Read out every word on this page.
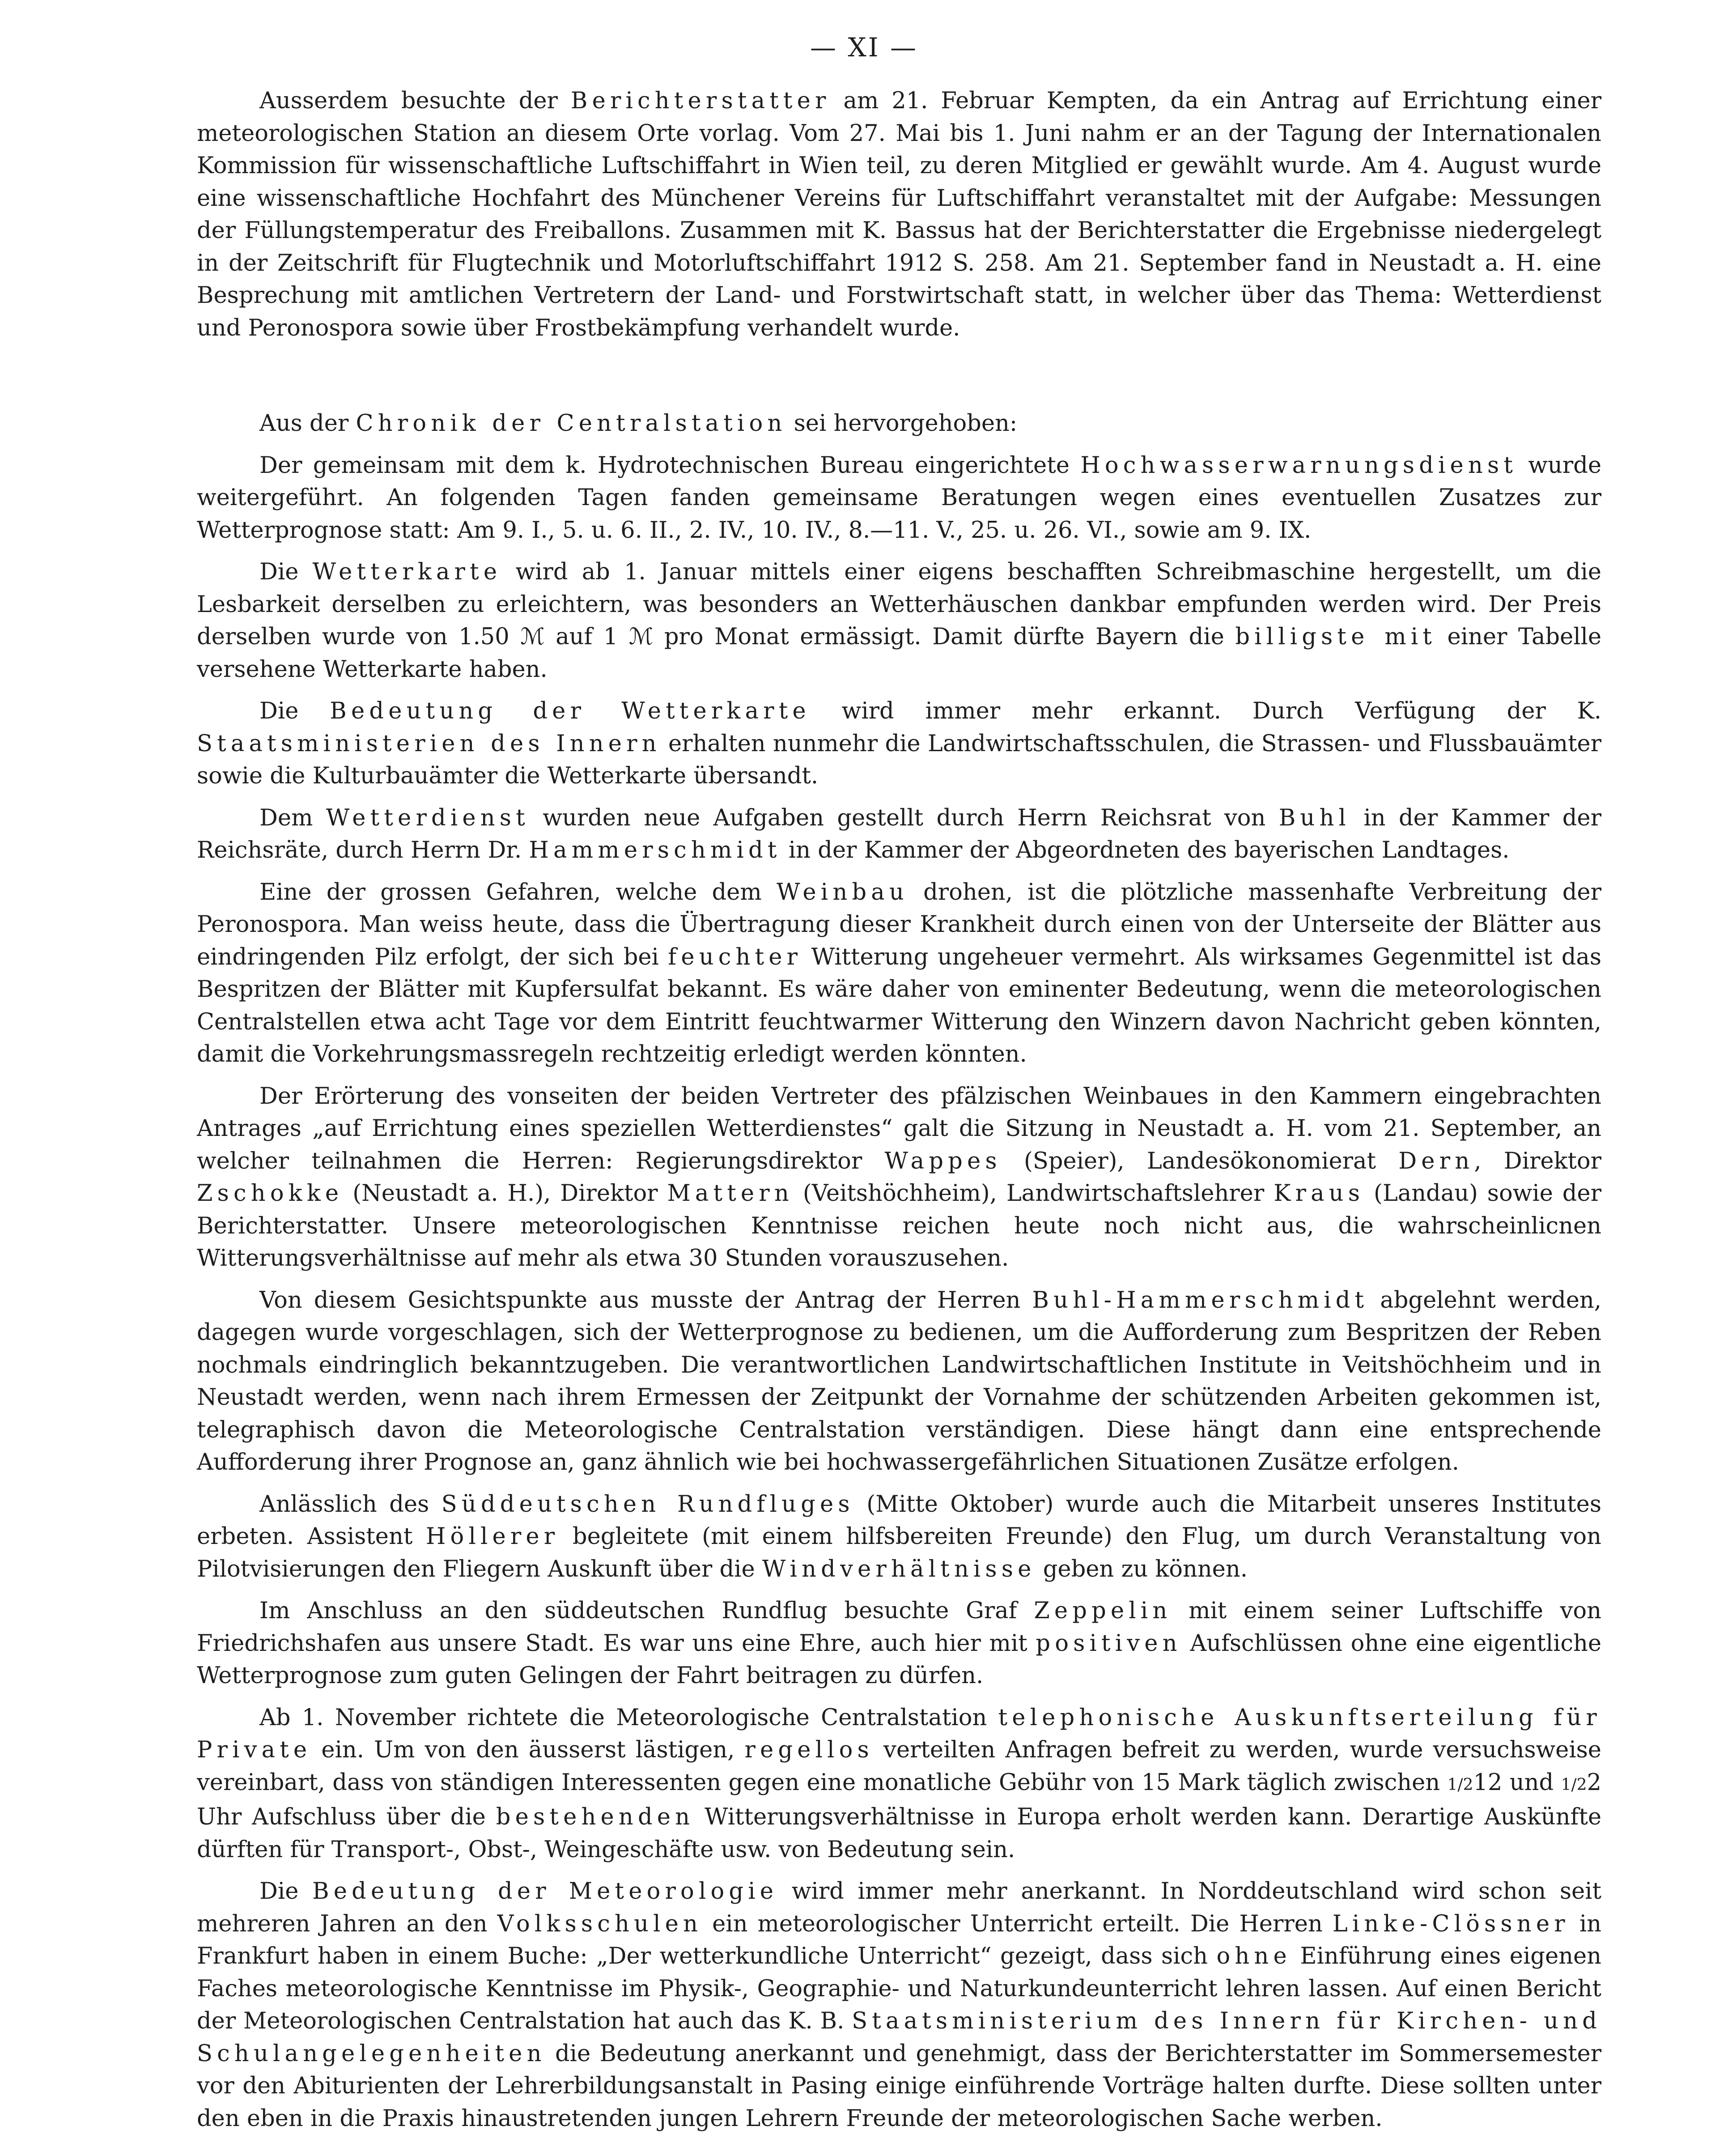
— XI —

Ausserdem besuchte der Berichterstatter am 21. Februar Kempten, da ein Antrag auf Errichtung einer meteorologischen Station an diesem Orte vorlag. Vom 27. Mai bis 1. Juni nahm er an der Tagung der Internationalen Kommission für wissenschaftliche Luftschiffahrt in Wien teil, zu deren Mitglied er gewählt wurde. Am 4. August wurde eine wissenschaftliche Hochfahrt des Münchener Vereins für Luftschiffahrt veranstaltet mit der Aufgabe: Messungen der Füllungstemperatur des Freiballons. Zusammen mit K. Bassus hat der Berichterstatter die Ergebnisse niedergelegt in der Zeitschrift für Flugtechnik und Motorluftschiffahrt 1912 S. 258. Am 21. September fand in Neustadt a. H. eine Besprechung mit amtlichen Vertretern der Land- und Forstwirtschaft statt, in welcher über das Thema: Wetterdienst und Peronospora sowie über Frostbekämpfung verhandelt wurde.

Aus der Chronik der Centralstation sei hervorgehoben:

Der gemeinsam mit dem k. Hydrotechnischen Bureau eingerichtete Hochwasserwarnungsdienst wurde weitergeführt. An folgenden Tagen fanden gemeinsame Beratungen wegen eines eventuellen Zusatzes zur Wetterprognose statt: Am 9. I., 5. u. 6. II., 2. IV., 10. IV., 8.—11. V., 25. u. 26. VI., sowie am 9. IX.

Die Wetterkarte wird ab 1. Januar mittels einer eigens beschafften Schreibmaschine hergestellt, um die Lesbarkeit derselben zu erleichtern, was besonders an Wetterhäuschen dankbar empfunden werden wird. Der Preis derselben wurde von 1.50 ℳ auf 1 ℳ pro Monat ermässigt. Damit dürfte Bayern die billigste mit einer Tabelle versehene Wetterkarte haben.

Die Bedeutung der Wetterkarte wird immer mehr erkannt. Durch Verfügung der K. Staatsministerien des Innern erhalten nunmehr die Landwirtschaftsschulen, die Strassen- und Flussbauämter sowie die Kulturbauämter die Wetterkarte übersandt.

Dem Wetterdienst wurden neue Aufgaben gestellt durch Herrn Reichsrat von Buhl in der Kammer der Reichsräte, durch Herrn Dr. Hammerschmidt in der Kammer der Abgeordneten des bayerischen Landtages.

Eine der grossen Gefahren, welche dem Weinbau drohen, ist die plötzliche massenhafte Verbreitung der Peronospora. Man weiss heute, dass die Übertragung dieser Krankheit durch einen von der Unterseite der Blätter aus eindringenden Pilz erfolgt, der sich bei feuchter Witterung ungeheuer vermehrt. Als wirksames Gegenmittel ist das Bespritzen der Blätter mit Kupfersulfat bekannt. Es wäre daher von eminenter Bedeutung, wenn die meteorologischen Centralstellen etwa acht Tage vor dem Eintritt feuchtwarmer Witterung den Winzern davon Nachricht geben könnten, damit die Vorkehrungsmassregeln rechtzeitig erledigt werden könnten.

Der Erörterung des vonseiten der beiden Vertreter des pfälzischen Weinbaues in den Kammern eingebrachten Antrages „auf Errichtung eines speziellen Wetterdienstes“ galt die Sitzung in Neustadt a. H. vom 21. September, an welcher teilnahmen die Herren: Regierungsdirektor Wappes (Speier), Landesökonomierat Dern, Direktor Zschokke (Neustadt a. H.), Direktor Mattern (Veitshöchheim), Landwirtschaftslehrer Kraus (Landau) sowie der Berichterstatter. Unsere meteorologischen Kenntnisse reichen heute noch nicht aus, die wahrscheinlicnen Witterungsverhältnisse auf mehr als etwa 30 Stunden vorauszusehen.

Von diesem Gesichtspunkte aus musste der Antrag der Herren Buhl-Hammerschmidt abgelehnt werden, dagegen wurde vorgeschlagen, sich der Wetterprognose zu bedienen, um die Aufforderung zum Bespritzen der Reben nochmals eindringlich bekanntzugeben. Die verantwortlichen Landwirtschaftlichen Institute in Veitshöchheim und in Neustadt werden, wenn nach ihrem Ermessen der Zeitpunkt der Vornahme der schützenden Arbeiten gekommen ist, telegraphisch davon die Meteorologische Centralstation verständigen. Diese hängt dann eine entsprechende Aufforderung ihrer Prognose an, ganz ähnlich wie bei hochwassergefährlichen Situationen Zusätze erfolgen.

Anlässlich des Süddeutschen Rundfluges (Mitte Oktober) wurde auch die Mitarbeit unseres Institutes erbeten. Assistent Höllerer begleitete (mit einem hilfsbereiten Freunde) den Flug, um durch Veranstaltung von Pilotvisierungen den Fliegern Auskunft über die Windverhältnisse geben zu können.

Im Anschluss an den süddeutschen Rundflug besuchte Graf Zeppelin mit einem seiner Luftschiffe von Friedrichshafen aus unsere Stadt. Es war uns eine Ehre, auch hier mit positiven Aufschlüssen ohne eine eigentliche Wetterprognose zum guten Gelingen der Fahrt beitragen zu dürfen.

Ab 1. November richtete die Meteorologische Centralstation telephonische Auskunftserteilung für Private ein. Um von den äusserst lästigen, regellos verteilten Anfragen befreit zu werden, wurde versuchsweise vereinbart, dass von ständigen Interessenten gegen eine monatliche Gebühr von 15 Mark täglich zwischen 1/212 und 1/22 Uhr Aufschluss über die bestehenden Witterungsverhältnisse in Europa erholt werden kann. Derartige Auskünfte dürften für Transport-, Obst-, Weingeschäfte usw. von Bedeutung sein.

Die Bedeutung der Meteorologie wird immer mehr anerkannt. In Norddeutschland wird schon seit mehreren Jahren an den Volksschulen ein meteorologischer Unterricht erteilt. Die Herren Linke-Clössner in Frankfurt haben in einem Buche: „Der wetterkundliche Unterricht“ gezeigt, dass sich ohne Einführung eines eigenen Faches meteorologische Kenntnisse im Physik-, Geographie- und Naturkundeunterricht lehren lassen. Auf einen Bericht der Meteorologischen Centralstation hat auch das K. B. Staatsministerium des Innern für Kirchen- und Schulangelegenheiten die Bedeutung anerkannt und genehmigt, dass der Berichterstatter im Sommersemester vor den Abiturienten der Lehrerbildungsanstalt in Pasing einige einführende Vorträge halten durfte. Diese sollten unter den eben in die Praxis hinaustretenden jungen Lehrern Freunde der meteorologischen Sache werben.
